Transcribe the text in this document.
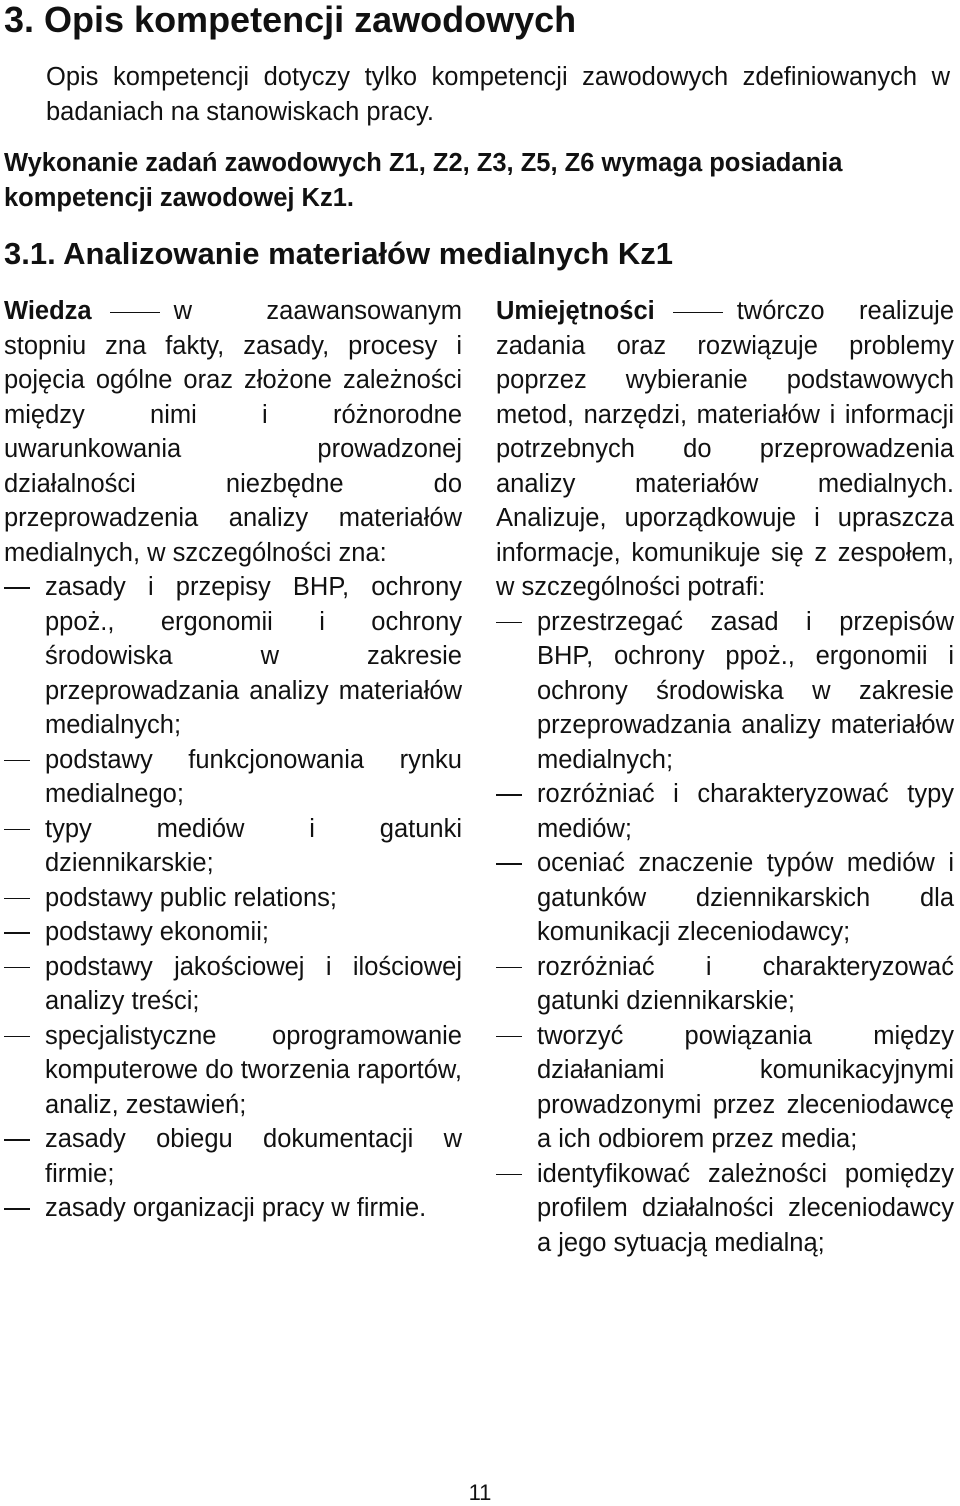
3. Opis kompetencji zawodowych

Opis kompetencji dotyczy tylko kompetencji zawodowych zdefiniowanych w badaniach na stanowiskach pracy.

Wykonanie zadań zawodowych Z1, Z2, Z3, Z5, Z6 wymaga posiadania kompetencji zawodowej Kz1.

3.1. Analizowanie materiałów medialnych Kz1

Wiedza	w zaawansowanym stopniu zna fakty, zasady, procesy i pojęcia ogólne oraz złożone zależności między nimi i różnorodne uwarunkowania prowadzonej działalności niezbędne do przeprowadzenia analizy materiałów medialnych, w szczególności zna:

zasady i przepisy BHP, ochrony ppoż., ergonomii i ochrony środowiska w zakresie przeprowadzania analizy materiałów medialnych;
podstawy funkcjonowania rynku medialnego;
typy mediów i gatunki dziennikarskie;
podstawy public relations;
podstawy ekonomii;
podstawy jakościowej i ilościowej analizy treści;
specjalistyczne oprogramowanie komputerowe do tworzenia raportów, analiz, zestawień;
zasady obiegu dokumentacji w firmie;
zasady organizacji pracy w firmie.

Umiejętności	twórczo realizuje zadania oraz rozwiązuje problemy poprzez wybieranie podstawowych metod, narzędzi, materiałów i informacji potrzebnych do przeprowadzenia analizy materiałów medialnych. Analizuje, uporządkowuje i upraszcza informacje, komunikuje się z zespołem, w szczególności potrafi:

przestrzegać zasad i przepisów BHP, ochrony ppoż., ergonomii i ochrony środowiska w zakresie przeprowadzania analizy materiałów medialnych;
rozróżniać i charakteryzować typy mediów;
oceniać znaczenie typów mediów i gatunków dziennikarskich dla komunikacji zleceniodawcy;
rozróżniać i charakteryzować gatunki dziennikarskie;
tworzyć powiązania między działaniami komunikacyjnymi prowadzonymi przez zleceniodawcę a ich odbiorem przez media;
identyfikować zależności pomiędzy profilem działalności zleceniodawcy a jego sytuacją medialną;
11
